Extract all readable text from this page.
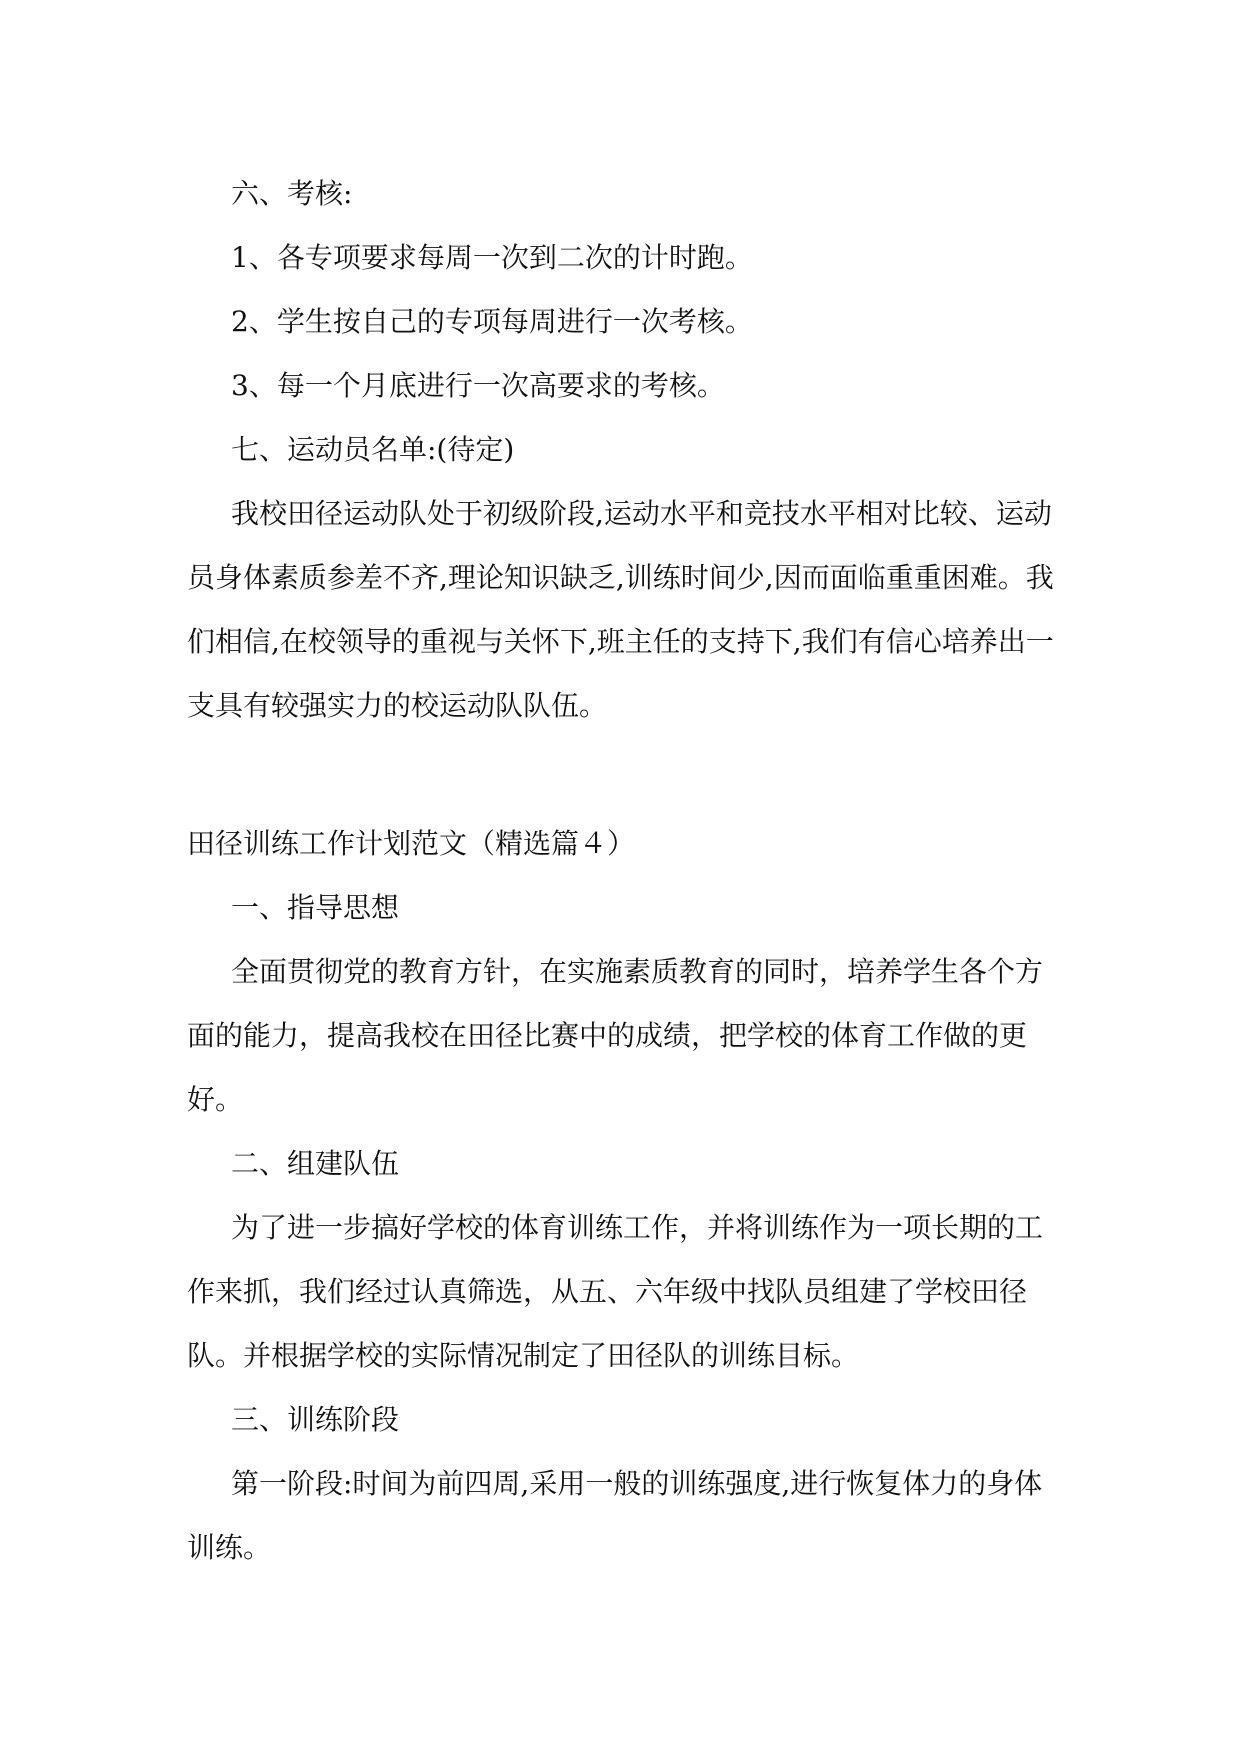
六、考核:

1、各专项要求每周一次到二次的计时跑。

2、学生按自己的专项每周进行一次考核。

3、每一个月底进行一次高要求的考核。

七、运动员名单:(待定)

我校田径运动队处于初级阶段,运动水平和竞技水平相对比较、运动员身体素质参差不齐,理论知识缺乏,训练时间少,因而面临重重困难。我们相信,在校领导的重视与关怀下,班主任的支持下,我们有信心培养出一支具有较强实力的校运动队队伍。

田径训练工作计划范文（精选篇４）

一、指导思想

全面贯彻党的教育方针，在实施素质教育的同时，培养学生各个方面的能力，提高我校在田径比赛中的成绩，把学校的体育工作做的更好。

二、组建队伍

为了进一步搞好学校的体育训练工作，并将训练作为一项长期的工作来抓，我们经过认真筛选，从五、六年级中找队员组建了学校田径队。并根据学校的实际情况制定了田径队的训练目标。

三、训练阶段

第一阶段:时间为前四周,采用一般的训练强度,进行恢复体力的身体训练。
